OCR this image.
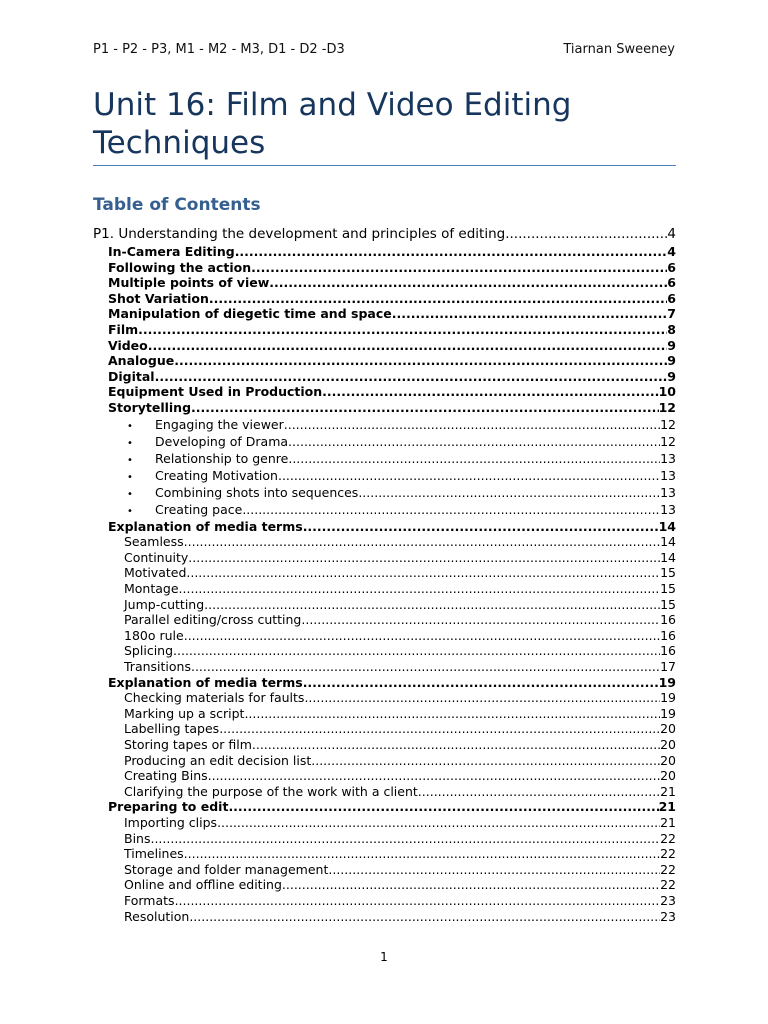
P1 - P2 - P3, M1 - M2 - M3, D1 - D2 -D3	Tiarnan Sweeney
Unit 16: Film and Video Editing Techniques
Table of Contents
P1. Understanding the development and principles of editing .....	4
In-Camera Editing .....	4
Following the action .....	6
Multiple points of view .....	6
Shot Variation .....	6
Manipulation of diegetic time and space .....	7
Film .....	8
Video .....	9
Analogue .....	9
Digital .....	9
Equipment Used in Production .....	10
Storytelling .....	12
• Engaging the viewer .....	12
• Developing of Drama .....	12
• Relationship to genre .....	13
• Creating Motivation .....	13
• Combining shots into sequences .....	13
• Creating pace .....	13
Explanation of media terms .....	14
Seamless .....	14
Continuity .....	14
Motivated .....	15
Montage .....	15
Jump-cutting .....	15
Parallel editing/cross cutting .....	16
180o rule .....	16
Splicing .....	16
Transitions .....	17
Explanation of media terms .....	19
Checking materials for faults .....	19
Marking up a script .....	19
Labelling tapes .....	20
Storing tapes or film .....	20
Producing an edit decision list .....	20
Creating Bins .....	20
Clarifying the purpose of the work with a client .....	21
Preparing to edit .....	21
Importing clips .....	21
Bins .....	22
Timelines .....	22
Storage and folder management .....	22
Online and offline editing .....	22
Formats .....	23
Resolution .....	23
1
